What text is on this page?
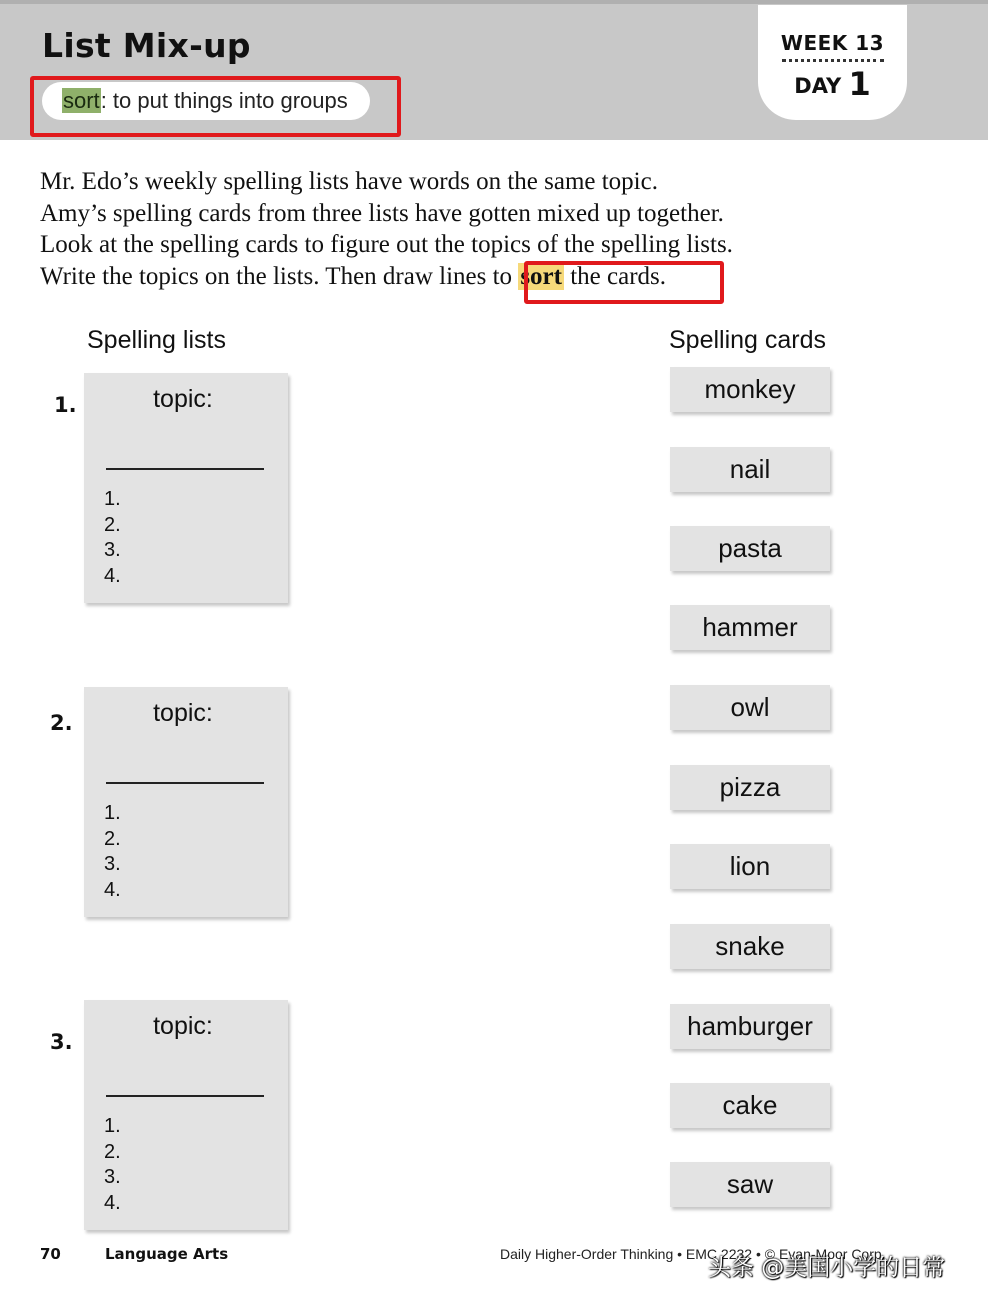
List Mix-up
sort: to put things into groups
WEEK 13
DAY 1
Mr. Edo’s weekly spelling lists have words on the same topic.
Amy’s spelling cards from three lists have gotten mixed up together.
Look at the spelling cards to figure out the topics of the spelling lists.
Write the topics on the lists. Then draw lines to sort the cards.
Spelling lists	Spelling cards
1.	topic:
1.
2.
3.
4.
2.	topic:
1.
2.
3.
4.
3.
topic:
1.
2.
3.
4.
monkey
nail
pasta
hammer
owl
pizza
lion
snake
hamburger
cake
saw
70	Language Arts	Daily Higher-Order Thinking • EMC 2232 • © Evan-Moor Corp.
头条 @美国小学的日常
